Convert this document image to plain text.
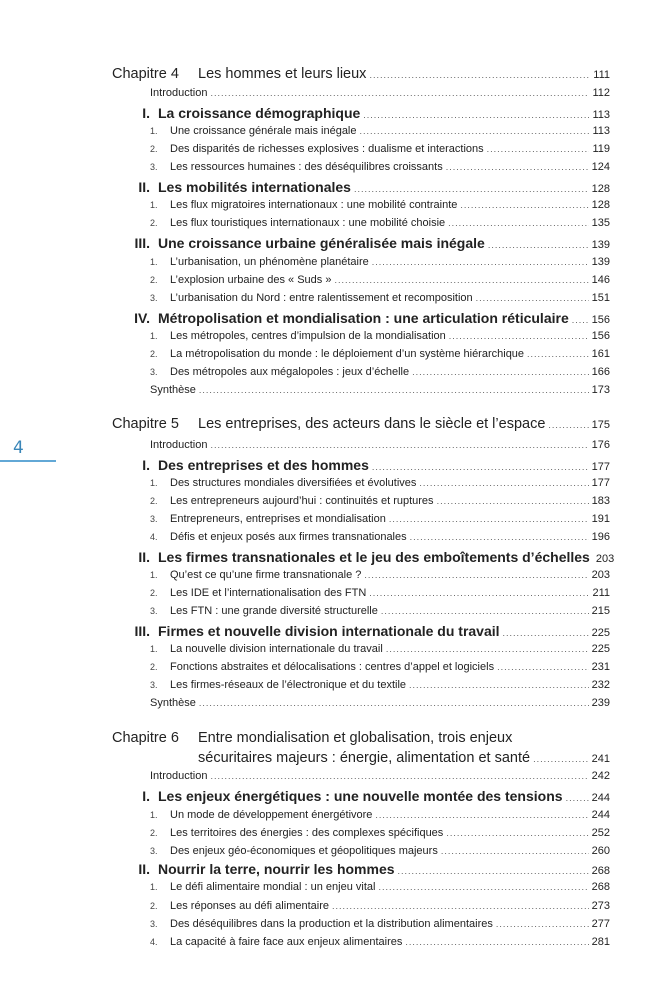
4
Chapitre 4	Les hommes et leurs lieux .....	111
Introduction .....	112
I. La croissance démographique .....	113
1.	Une croissance générale mais inégale .....	113
2.	Des disparités de richesses explosives : dualisme et interactions .....	119
3.	Les ressources humaines : des déséquilibres croissants .....	124
II. Les mobilités internationales .....	128
1.	Les flux migratoires internationaux : une mobilité contrainte .....	128
2.	Les flux touristiques internationaux : une mobilité choisie .....	135
III. Une croissance urbaine généralisée mais inégale .....	139
1.	L’urbanisation, un phénomène planétaire .....	139
2.	L’explosion urbaine des « Suds » .....	146
3.	L’urbanisation du Nord : entre ralentissement et recomposition .....	151
IV. Métropolisation et mondialisation : une articulation réticulaire ..... 156
1.	Les métropoles, centres d’impulsion de la mondialisation .....	156
2.	La métropolisation du monde : le déploiement d’un système hiérarchique .....	161
3.	Des métropoles aux mégalopoles : jeux d’échelle .....	166
Synthèse .....	173
Chapitre 5	Les entreprises, des acteurs dans le siècle et l’espace .....	175
Introduction .....	176
I. Des entreprises et des hommes .....	177
1.	Des structures mondiales diversifiées et évolutives .....	177
2.	Les entrepreneurs aujourd’hui : continuités et ruptures .....	183
3.	Entrepreneurs, entreprises et mondialisation .....	191
4.	Défis et enjeux posés aux firmes transnationales .....	196
II. Les firmes transnationales et le jeu des emboîtements d’échelles 203
1.	Qu’est ce qu’une firme transnationale ? .....	203
2.	Les IDE et l’internationalisation des FTN .....	211
3.	Les FTN : une grande diversité structurelle .....	215
III. Firmes et nouvelle division internationale du travail .....	225
1.	La nouvelle division internationale du travail .....	225
2.	Fonctions abstraites et délocalisations : centres d’appel et logiciels .....	231
3.	Les firmes-réseaux de l’électronique et du textile .....	232
Synthèse .....	239
Chapitre 6	Entre mondialisation et globalisation, trois enjeux
sécuritaires majeurs : énergie, alimentation et santé .....	241
Introduction .....	242
I. Les enjeux énergétiques : une nouvelle montée des tensions .....	244
1.	Un mode de développement énergétivore .....	244
2.	Les territoires des énergies : des complexes spécifiques .....	252
3.	Des enjeux géo-économiques et géopolitiques majeurs .....	260
II. Nourrir la terre, nourrir les hommes .....	268
1.	Le défi alimentaire mondial : un enjeu vital .....	268
2.	Les réponses au défi alimentaire .....	273
3.	Des déséquilibres dans la production et la distribution alimentaires .....	277
4.	La capacité à faire face aux enjeux alimentaires .....	281
